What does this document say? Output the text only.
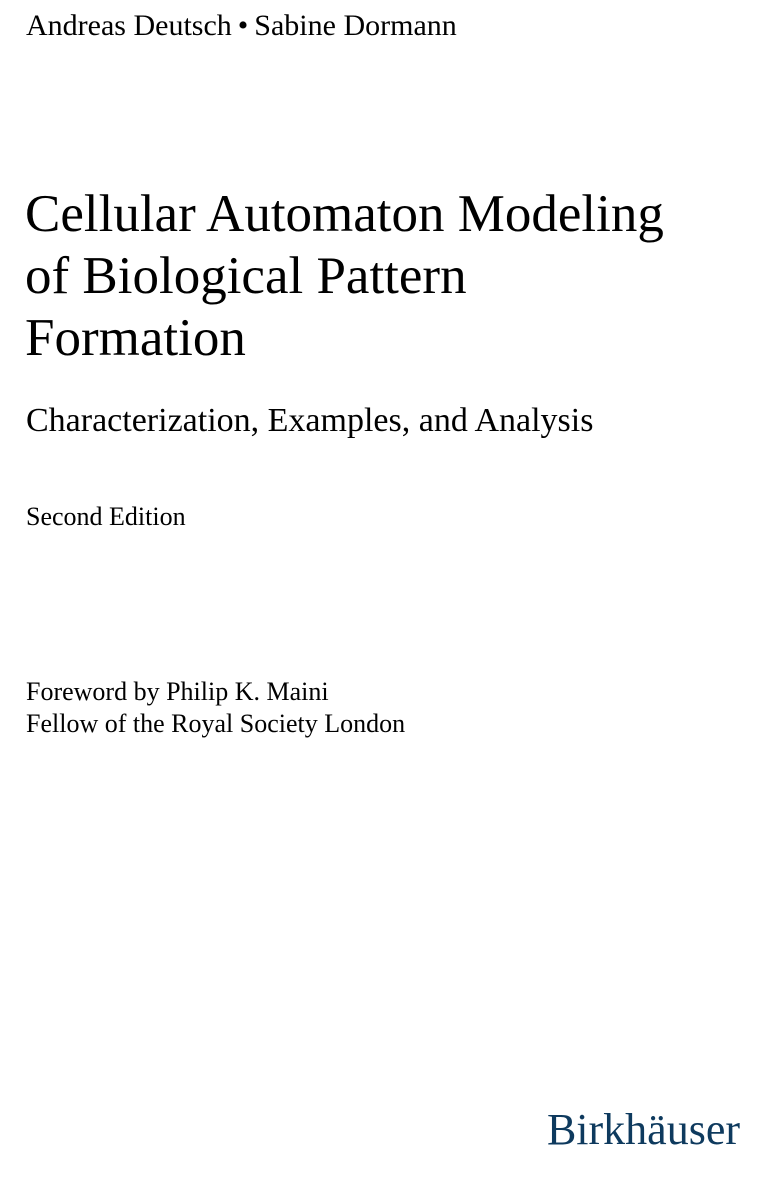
Andreas Deutsch • Sabine Dormann
Cellular Automaton Modeling
of Biological Pattern
Formation
Characterization, Examples, and Analysis
Second Edition
Foreword by Philip K. Maini
Fellow of the Royal Society London
Birkhäuser
